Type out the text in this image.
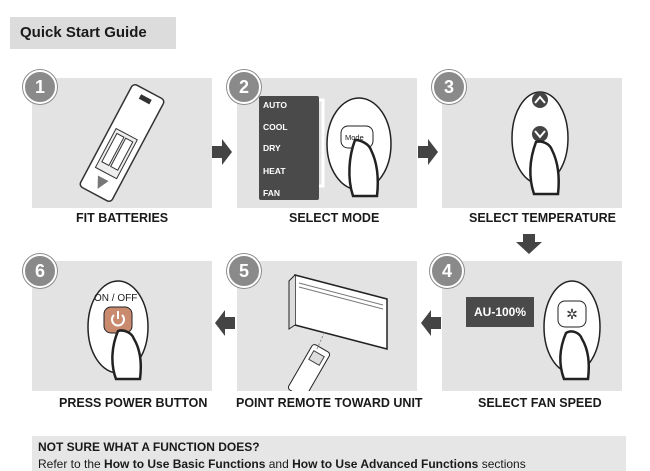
Quick Start Guide
1
FIT BATTERIES
AUTO
COOL
DRY
HEAT
FAN
Mode
2
SELECT MODE
3
SELECT TEMPERATURE
✲
AU-100%
4
SELECT FAN SPEED
5
POINT REMOTE TOWARD UNIT
ON / OFF
6
PRESS POWER BUTTON
NOT SURE WHAT A FUNCTION DOES?
Refer to the How to Use Basic Functions and How to Use Advanced Functions sections
